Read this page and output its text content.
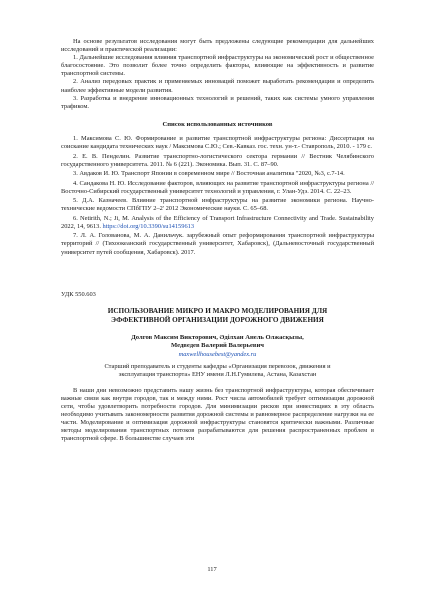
На основе результатов исследования могут быть предложены следующие рекомендации для дальнейших исследований и практической реализации:

1. Дальнейшие исследования влияния транспортной инфраструктуры на экономический рост и общественное благосостояние. Это позволит более точно определить факторы, влияющие на эффективность и развитие транспортной системы.

2. Анализ передовых практик и применяемых инноваций поможет выработать рекомендации и определить наиболее эффективные модели развития.

3. Разработка и внедрение инновационных технологий и решений, таких как системы умного управления трафиком.

Список использованных источников

1. Максимова С. Ю. Формирование и развитие транспортной инфраструктуры региона: Диссертация на соискание кандидата технических наук / Максимова С.Ю.; Сев.-Кавказ. гос. техн. ун-т.- Ставрополь, 2010. - 179 с.

2. Е. В. Пенделин. Развитие транспортно-логистического сектора германии // Вестник Челябинского государственного университета. 2011. № 6 (221). Экономика. Вып. 31. С. 87–90.

3. Авдаков И. Ю. Транспорт Японии в современном мире // Восточная аналитика "2020, №3, с.7-14.

4. Сандакова Н. Ю. Исследование факторов, влияющих на развитие транспортной инфраструктуры региона // Восточно-Сибирский государственный университет технологий и управления, г. Улан-Удэ. 2014. С. 22–23.

5. Д.А. Казначеев. Влияние транспортной инфраструктуры на развитие экономики региона. Научно-технические ведомости СПбГПУ 2–2' 2012 Экономические науки. С. 65–68.

6. Netirith, N.; Ji, M. Analysis of the Efficiency of Transport Infrastructure Connectivity and Trade. Sustainability 2022, 14, 9613. https://doi.org/10.3390/su14159613

7. Л. А. Голованова, М. А. Данильчук. зарубежный опыт реформирования транспортной инфраструктуры территорий // (Тихоокеанский государственный университет, Хабаровск), (Дальневосточный государственный университет путей сообщения, Хабаровск). 2017.

УДК 550.603
ИСПОЛЬЗОВАНИЕ МИКРО И МАКРО МОДЕЛИРОВАНИЯ ДЛЯ
ЭФФЕКТИВНОЙ ОРГАНИЗАЦИИ ДОРОЖНОГО ДВИЖЕНИЯ
Долгов Максим Викторович, Әділхан Анель Олжасқызы,
Медведев Валерий Валерьевич
maxwellhousebest@yandex.ru
Старший преподаватель и студенты кафедры «Организация перевозок, движения и
эксплуатация транспорта» ЕНУ имени Л.Н.Гумилева, Астана, Казахстан

В наши дни невозможно представить нашу жизнь без транспортной инфраструктуры, которая обеспечивает важные связи как внутри городов, так и между ними. Рост числа автомобилей требует оптимизации дорожной сети, чтобы удовлетворить потребности городов. Для минимизации рисков при инвестициях в эту область необходимо учитывать закономерности развития дорожной системы и равномерное распределение нагрузки на ее части. Моделирование и оптимизация дорожной инфраструктуры становятся критически важными. Различные методы моделирования транспортных потоков разрабатываются для решения распространенных проблем в транспортной сфере. В большинстве случаев эти

117
